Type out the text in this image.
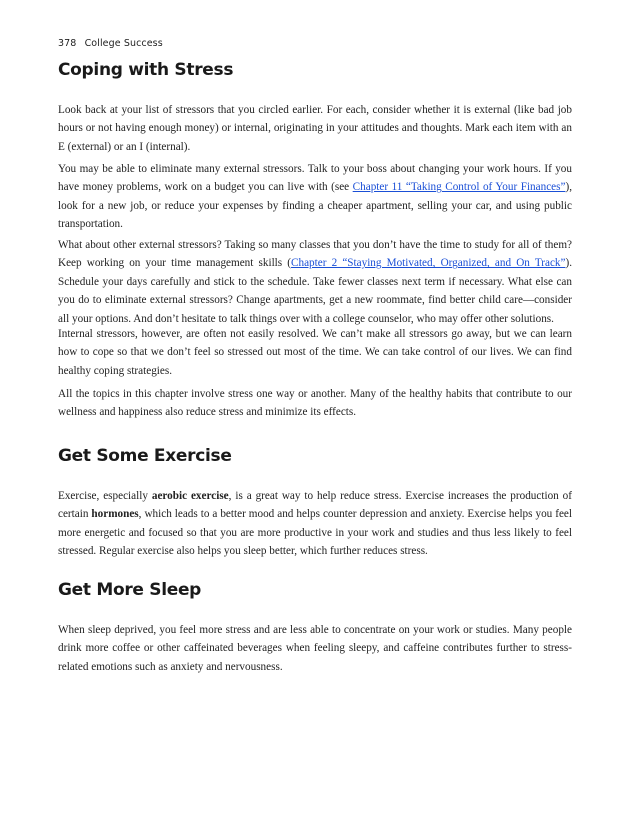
378 College Success
Coping with Stress

Look back at your list of stressors that you circled earlier. For each, consider whether it is external (like bad job hours or not having enough money) or internal, originating in your attitudes and thoughts. Mark each item with an E (external) or an I (internal).

You may be able to eliminate many external stressors. Talk to your boss about changing your work hours. If you have money problems, work on a budget you can live with (see Chapter 11 “Taking Control of Your Finances”), look for a new job, or reduce your expenses by finding a cheaper apartment, selling your car, and using public transportation.

What about other external stressors? Taking so many classes that you don’t have the time to study for all of them? Keep working on your time management skills (Chapter 2 “Staying Motivated, Organized, and On Track”). Schedule your days carefully and stick to the schedule. Take fewer classes next term if necessary. What else can you do to eliminate external stressors? Change apartments, get a new roommate, find better child care—consider all your options. And don’t hesitate to talk things over with a college counselor, who may offer other solutions.

Internal stressors, however, are often not easily resolved. We can’t make all stressors go away, but we can learn how to cope so that we don’t feel so stressed out most of the time. We can take control of our lives. We can find healthy coping strategies.

All the topics in this chapter involve stress one way or another. Many of the healthy habits that contribute to our wellness and happiness also reduce stress and minimize its effects.

Get Some Exercise

Exercise, especially aerobic exercise, is a great way to help reduce stress. Exercise increases the production of certain hormones, which leads to a better mood and helps counter depression and anxiety. Exercise helps you feel more energetic and focused so that you are more productive in your work and studies and thus less likely to feel stressed. Regular exercise also helps you sleep better, which further reduces stress.

Get More Sleep

When sleep deprived, you feel more stress and are less able to concentrate on your work or studies. Many people drink more coffee or other caffeinated beverages when feeling sleepy, and caffeine contributes further to stress-related emotions such as anxiety and nervousness.
